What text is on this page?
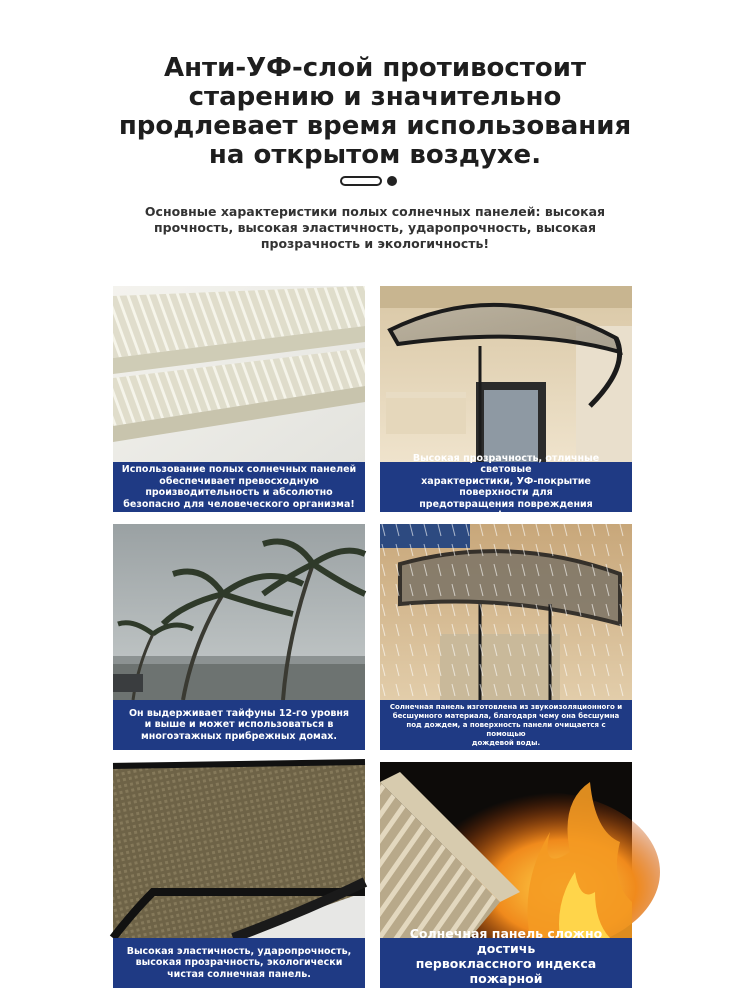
Анти-УФ-слой противостоит
старению и значительно
продлевает время использования
на открытом воздухе.
Основные характеристики полых солнечных панелей: высокая
прочность, высокая эластичность, ударопрочность, высокая
прозрачность и экологичность!
Использование полых солнечных панелей
обеспечивает превосходную
производительность и абсолютно
безопасно для человеческого организма!
Высокая прозрачность, отличные световые
характеристики, УФ-покрытие поверхности для
предотвращения повреждения ультрафиолетом.
Он выдерживает тайфуны 12-го уровня
и выше и может использоваться в
многоэтажных прибрежных домах.
Солнечная панель изготовлена из звукоизоляционного и
бесшумного материала, благодаря чему она бесшумна
под дождем, а поверхность панели очищается с помощью
дождевой воды.
Высокая эластичность, ударопрочность,
высокая прозрачность, экологически
чистая солнечная панель.
Солнечная панель сложно достичь
первоклассного индекса пожарной
защиты V2.
